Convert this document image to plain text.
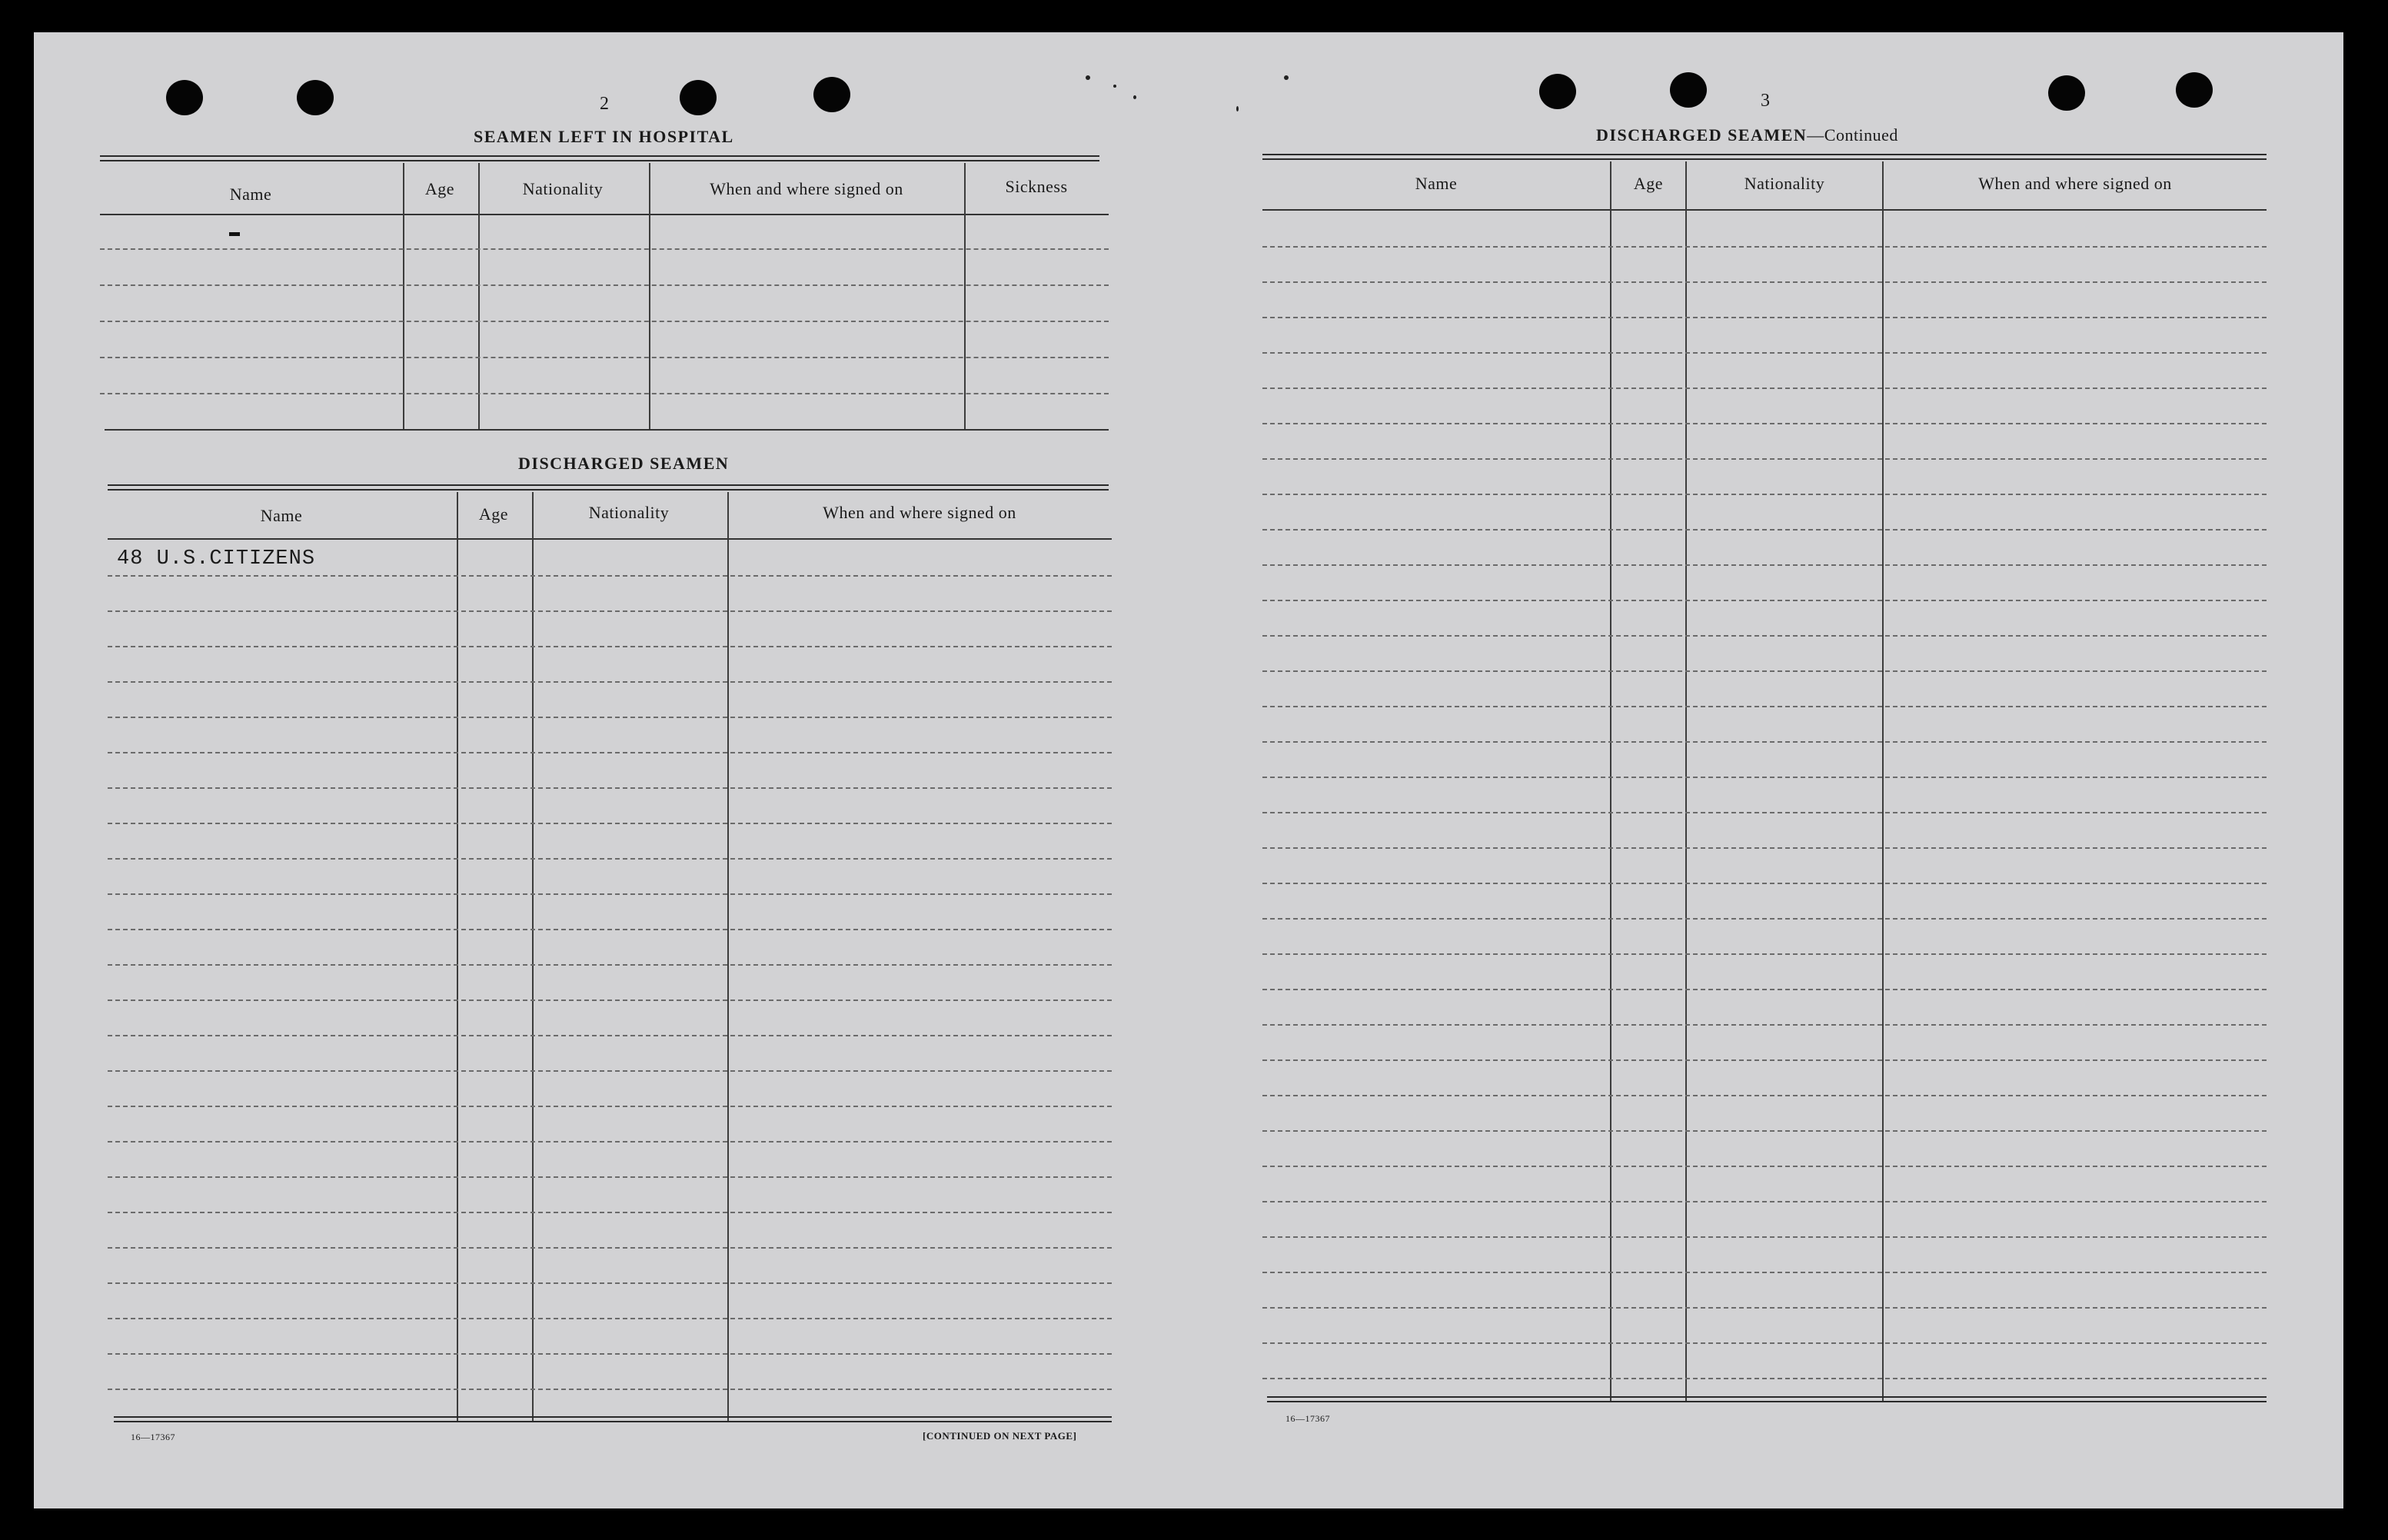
2
SEAMEN LEFT IN HOSPITAL
Name	Age	Nationality	When and where signed on	Sickness
DISCHARGED SEAMEN
Name	Age	Nationality	When and where signed on
48 U.S.CITIZENS
16—17367	[CONTINUED ON NEXT PAGE]
3
DISCHARGED SEAMEN—Continued
Name	Age	Nationality	When and where signed on
16—17367
